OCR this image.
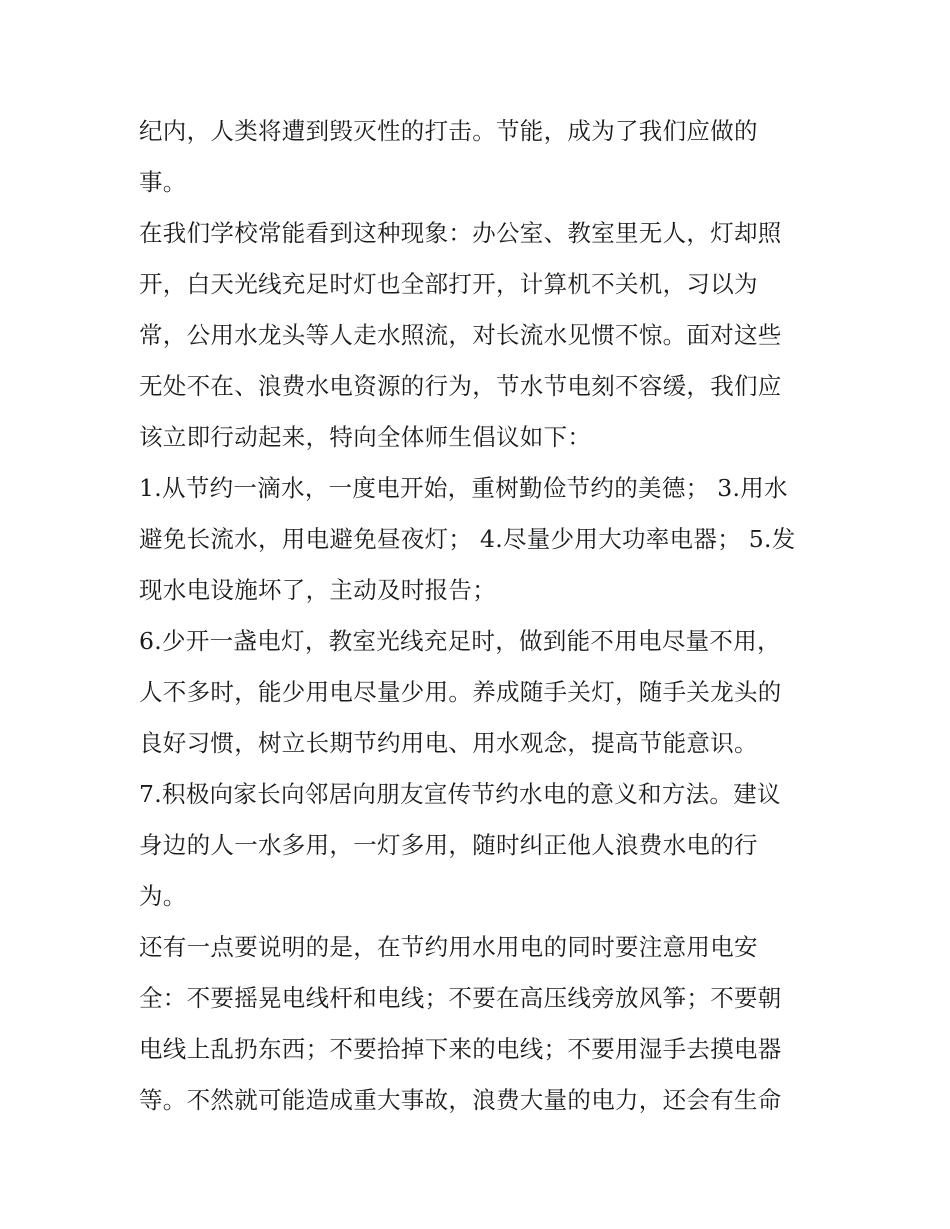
纪内，人类将遭到毁灭性的打击。节能，成为了我们应做的
事。
在我们学校常能看到这种现象：办公室、教室里无人，灯却照
开，白天光线充足时灯也全部打开，计算机不关机，习以为
常，公用水龙头等人走水照流，对长流水见惯不惊。面对这些
无处不在、浪费水电资源的行为，节水节电刻不容缓，我们应
该立即行动起来，特向全体师生倡议如下：
1.从节约一滴水，一度电开始，重树勤俭节约的美德； 3.用水
避免长流水，用电避免昼夜灯； 4.尽量少用大功率电器； 5.发
现水电设施坏了，主动及时报告；
6.少开一盏电灯，教室光线充足时，做到能不用电尽量不用，
人不多时，能少用电尽量少用。养成随手关灯，随手关龙头的
良好习惯，树立长期节约用电、用水观念，提高节能意识。
7.积极向家长向邻居向朋友宣传节约水电的意义和方法。建议
身边的人一水多用，一灯多用，随时纠正他人浪费水电的行
为。
还有一点要说明的是，在节约用水用电的同时要注意用电安
全：不要摇晃电线杆和电线；不要在高压线旁放风筝；不要朝
电线上乱扔东西；不要拾掉下来的电线；不要用湿手去摸电器
等。不然就可能造成重大事故，浪费大量的电力，还会有生命
